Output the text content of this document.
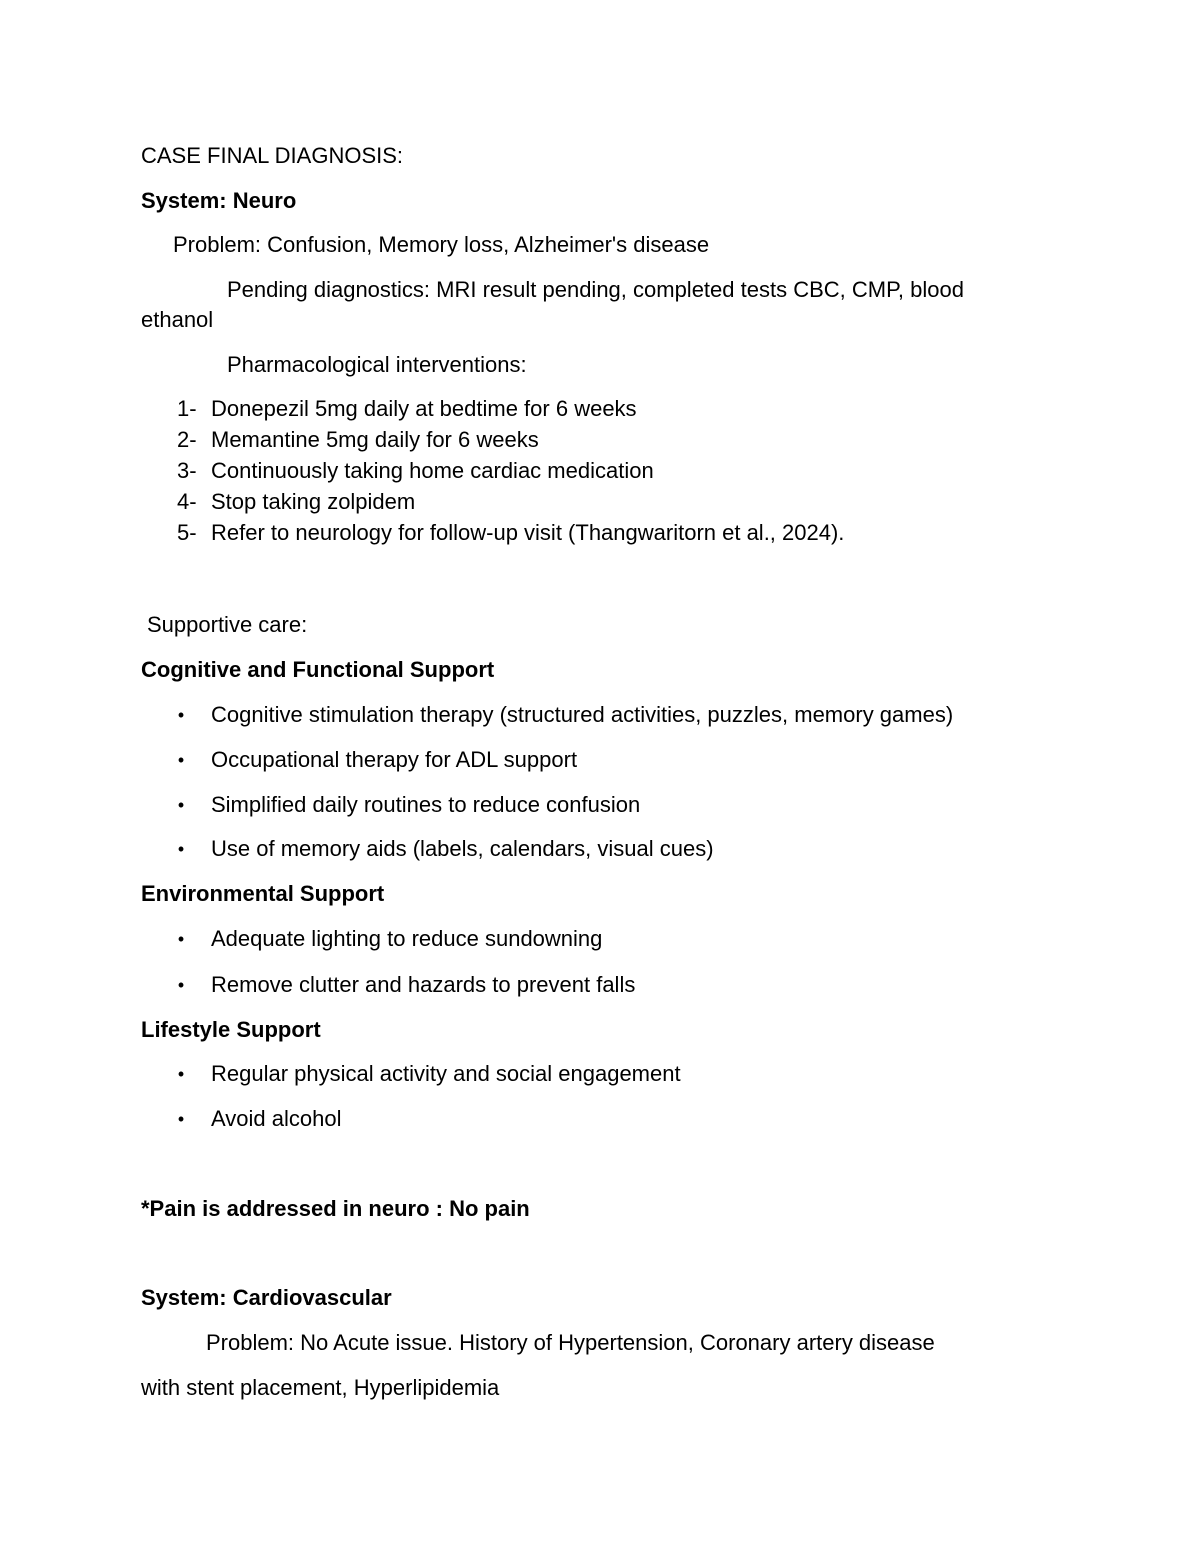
CASE FINAL DIAGNOSIS:
System: Neuro
Problem: Confusion, Memory loss, Alzheimer's disease
Pending diagnostics: MRI result pending, completed tests CBC, CMP, blood
ethanol
Pharmacological interventions:
1- Donepezil 5mg daily at bedtime for 6 weeks
2- Memantine 5mg daily for 6 weeks
3- Continuously taking home cardiac medication
4- Stop taking zolpidem
5- Refer to neurology for follow-up visit (Thangwaritorn et al., 2024).
Supportive care:
Cognitive and Functional Support
•	Cognitive stimulation therapy (structured activities, puzzles, memory games)
•	Occupational therapy for ADL support
•	Simplified daily routines to reduce confusion
•	Use of memory aids (labels, calendars, visual cues)
Environmental Support
•	Adequate lighting to reduce sundowning
•	Remove clutter and hazards to prevent falls
Lifestyle Support
•	Regular physical activity and social engagement
•	Avoid alcohol
*Pain is addressed in neuro : No pain
System: Cardiovascular
Problem: No Acute issue. History of Hypertension, Coronary artery disease
with stent placement, Hyperlipidemia
